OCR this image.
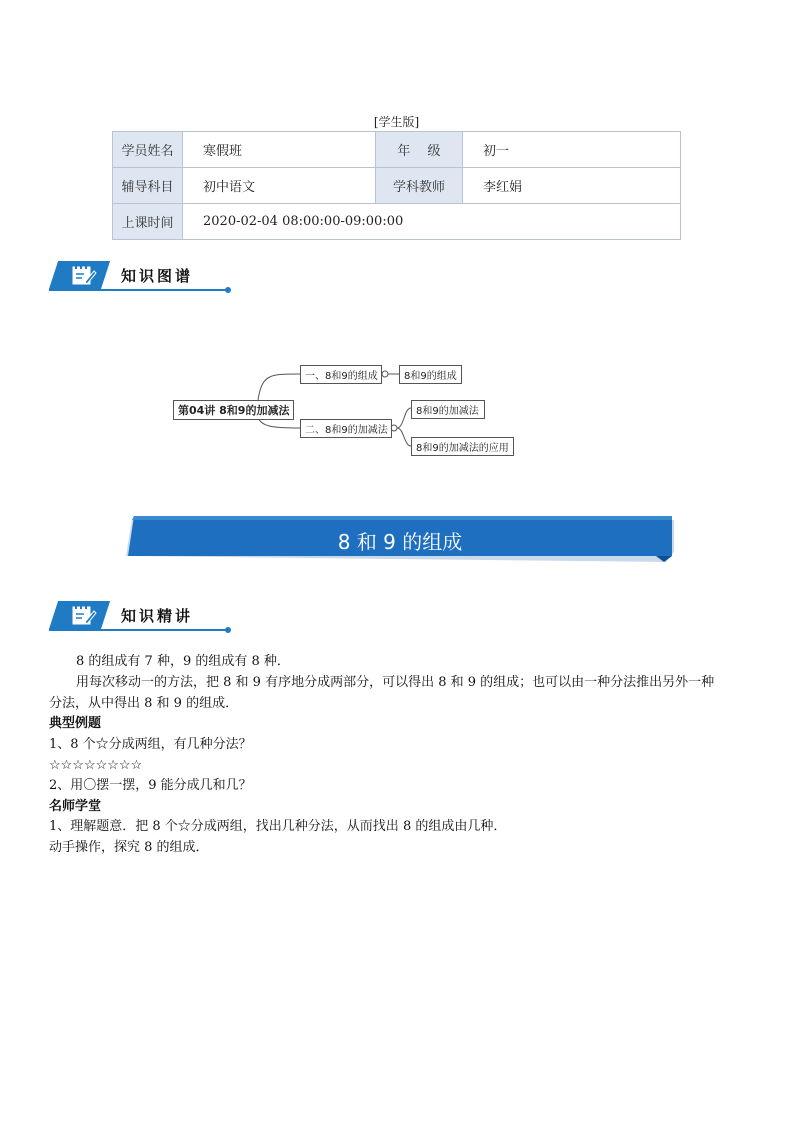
[学生版]
学员姓名	寒假班	年　 级	初一
辅导科目	初中语文	学科教师	李红娟
上课时间	2020-02-04 08:00:00-09:00:00		
知识图谱
第04讲 8和9的加减法
一、8和9的组成	8和9的组成
二、8和9的加减法
8和9的加减法
8和9的加减法的应用
8 和 9 的组成
知识精讲
8 的组成有 7 种，9 的组成有 8 种．
用每次移动一的方法，把 8 和 9 有序地分成两部分，可以得出 8 和 9 的组成；也可以由一种分法推出另外一种
分法，从中得出 8 和 9 的组成．
典型例题
1、8 个☆分成两组，有几种分法？
☆☆☆☆☆☆☆☆
2、用〇摆一摆，9 能分成几和几？
名师学堂
1、理解题意．把 8 个☆分成两组，找出几种分法，从而找出 8 的组成由几种．
动手操作，探究 8 的组成．
